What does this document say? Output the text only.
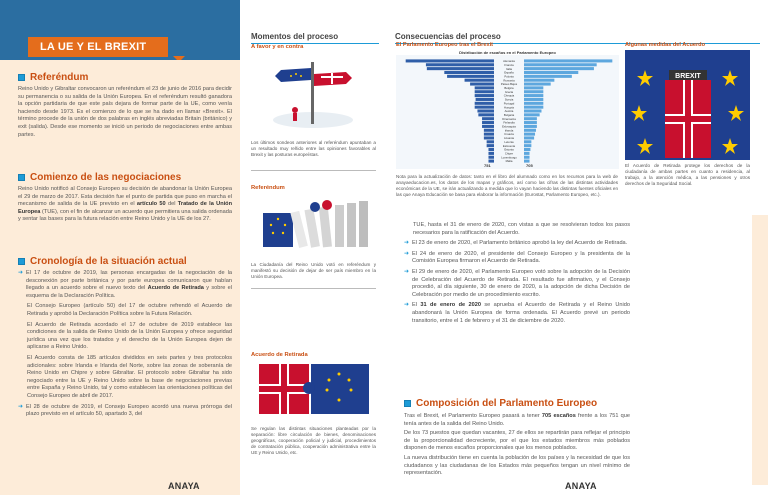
LA UE Y EL BREXIT
Referéndum

Reino Unido y Gibraltar convocaron un referéndum el 23 de junio de 2016 para decidir su permanencia o su salida de la Unión Europea. En el referéndum resultó ganadora la opción partidaria de que este país dejara de formar parte de la UE, como venía haciendo desde 1973. Es el comienzo de lo que se ha dado en llamar «Brexit». El término procede de la unión de dos palabras en inglés abreviadas Britain (británico) y exit (salida). Desde ese momento se inició un periodo de negociaciones entre ambas partes.

Comienzo de las negociaciones

Reino Unido notificó al Consejo Europeo su decisión de abandonar la Unión Europea el 29 de marzo de 2017. Esta decisión fue el punto de partida que puso en marcha el mecanismo de salida de la UE previsto en el artículo 50 del Tratado de la Unión Europea (TUE), con el fin de alcanzar un acuerdo que permitiera una salida ordenada y sentar las bases para la futura relación entre Reino Unido y la UE de los 27.

Cronología de la situación actual
➜ El 17 de octubre de 2019, las personas encargadas de la negociación de la desconexión por parte británica y por parte europea comunicaron que habían llegado a un acuerdo sobre el nuevo texto del Acuerdo de Retirada y sobre el esquema de la Declaración Política.

El Consejo Europeo (artículo 50) del 17 de octubre refrendó el Acuerdo de Retirada y aprobó la Declaración Política sobre la Futura Relación.

El Acuerdo de Retirada acordado el 17 de octubre de 2019 establece las condiciones de la salida de Reino Unido de la Unión Europea y ofrece seguridad jurídica una vez que los tratados y el derecho de la Unión Europea dejen de aplicarse a Reino Unido.

El Acuerdo consta de 185 artículos divididos en seis partes y tres protocolos adicionales: sobre Irlanda e Irlanda del Norte, sobre las zonas de soberanía de Reino Unido en Chipre y sobre Gibraltar. El protocolo sobre Gibraltar ha sido negociado entre la UE y Reino Unido sobre la base de negociaciones previas entre España y Reino Unido, tal y como establecen las orientaciones políticas del Consejo Europeo de abril de 2017.

➜ El 28 de octubre de 2019, el Consejo Europeo acordó una nueva prórroga del plazo previsto en el artículo 50, apartado 3, del

ANAYA
Momentos del proceso
A favor y en contra
Los últimos sondeos anteriores al referéndum apuntaban a un resultado muy reñido entre las opiniones favorables al Brexit y las posturas europeístas.
Referéndum
La Ciudadanía del Reino Unido votó en referéndum y manifestó su decisión de dejar de ser país miembro en la Unión Europea.
Acuerdo de Retirada
Se regulan las distintas situaciones planteadas por la separación: libre circulación de bienes, denominaciones geográficas, cooperación policial y judicial, procedimientos de contratación pública, cooperación administrativa entre la UE y Reino Unido, etc.
Consecuencias del proceso
El Parlamento Europeo tras el Brexit	Algunas medidas del Acuerdo
Distribución de escaños en el Parlamento Europeo
Alemania
Francia
Italia
España
Polonia
Rumanía
Países Bajos
Bélgica
Grecia
Chequia
Suecia
Portugal
Hungría
Austria
Bulgaria
Dinamarca
Finlandia
Eslovaquia
Irlanda
Croacia
Lituania
Letonia
Eslovenia
Estonia
Chipre
Luxemburgo
Malta
751	705
Nota para la actualización de datos: tanto en el libro del alumnado como en los recursos para la web de anayaeducacion.es, los datos de los mapas y gráficos, así como las cifras de las distintas actividades económicas de la UE, se irán actualizando a medida que lo vayan haciendo las distintas fuentes oficiales en las que Anaya Educación se basa para elaborar la información (Eurostat, Parlamento Europeo, etc.).
BREXIT
El Acuerdo de Retirada protege los derechos de la ciudadanía de ambas partes en cuanto a residencia, al trabajo, a la atención médica, a las pensiones y otros derechos de la Seguridad Social.

TUE, hasta el 31 de enero de 2020, con vistas a que se resolvieran todos los pasos necesarios para la ratificación del Acuerdo.

➜ El 23 de enero de 2020, el Parlamento británico aprobó la ley del Acuerdo de Retirada.

➜ El 24 de enero de 2020, el presidente del Consejo Europeo y la presidenta de la Comisión Europea firmaron el Acuerdo de Retirada.

➜ El 29 de enero de 2020, el Parlamento Europeo votó sobre la adopción de la Decisión de Celebración del Acuerdo de Retirada. El resultado fue afirmativo, y el Consejo procedió, al día siguiente, 30 de enero de 2020, a la adopción de dicha Decisión de Celebración por medio de un procedimiento escrito.

➜ El 31 de enero de 2020 se aprueba el Acuerdo de Retirada y el Reino Unido abandonará la Unión Europea de forma ordenada. El Acuerdo prevé un periodo transitorio, entre el 1 de febrero y el 31 de diciembre de 2020.

Composición del Parlamento Europeo

Tras el Brexit, el Parlamento Europeo pasará a tener 705 escaños frente a los 751 que tenía antes de la salida del Reino Unido.

De los 73 puestos que quedan vacantes, 27 de ellos se repartirán para reflejar el principio de la proporcionalidad decreciente, por el que los estados miembros más poblados disponen de menos escaños proporcionales que los menos poblados.

La nueva distribución tiene en cuenta la población de los países y la necesidad de que los ciudadanos y las ciudadanas de los Estados más pequeños tengan un nivel mínimo de representación.

ANAYA
